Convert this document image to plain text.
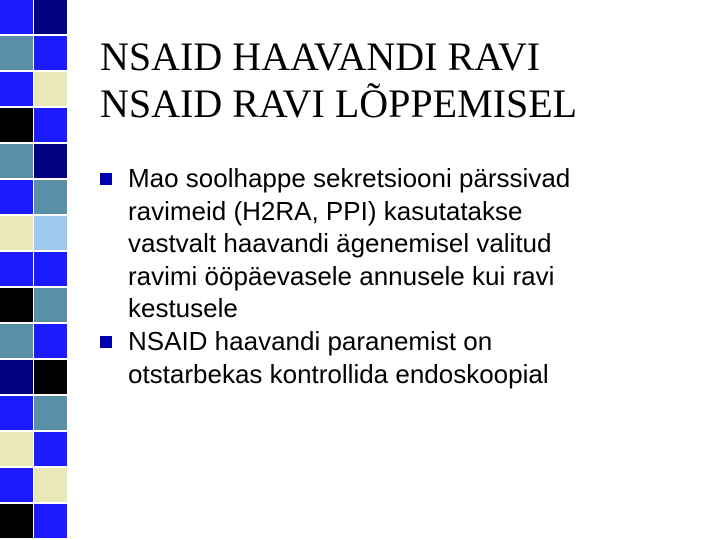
NSAID HAAVANDI RAVI
NSAID RAVI LÕPPEMISEL
Mao soolhappe sekretsiooni pärssivad
ravimeid (H2RA, PPI) kasutatakse
vastvalt haavandi ägenemisel valitud
ravimi ööpäevasele annusele kui ravi
kestusele
NSAID haavandi paranemist on
otstarbekas kontrollida endoskoopial
